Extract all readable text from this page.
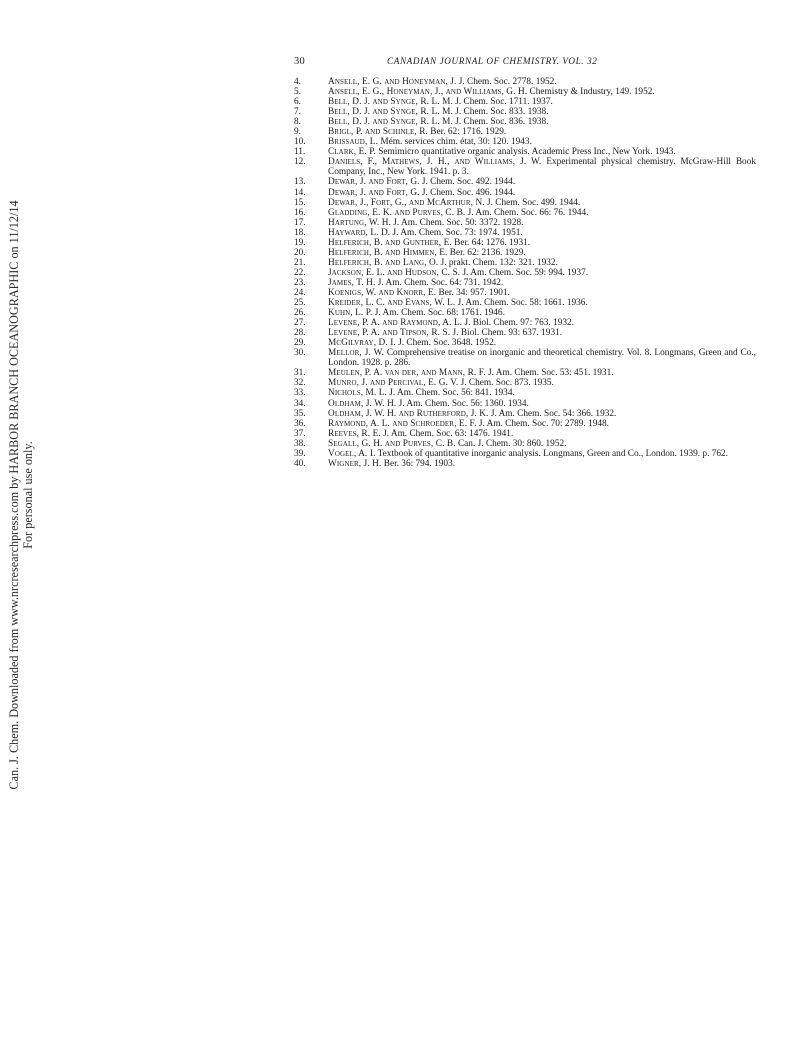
30	CANADIAN JOURNAL OF CHEMISTRY. VOL. 32
Can. J. Chem. Downloaded from www.nrcresearchpress.com by HARBOR BRANCH OCEANOGRAPHIC on 11/12/14 For personal use only.
4.	Ansell, E. G. and Honeyman, J. J. Chem. Soc. 2778. 1952.
5.	Ansell, E. G., Honeyman, J., and Williams, G. H. Chemistry & Industry, 149. 1952.
6.	Bell, D. J. and Synge, R. L. M. J. Chem. Soc. 1711. 1937.
7.	Bell, D. J. and Synge, R. L. M. J. Chem. Soc. 833. 1938.
8.	Bell, D. J. and Synge, R. L. M. J. Chem. Soc. 836. 1938.
9.	Brigl, P. and Schinle, R. Ber. 62: 1716. 1929.
10.	Brissaud, L. Mém. services chim. état, 30: 120. 1943.
11.	Clark, E. P. Semimicro quantitative organic analysis. Academic Press Inc., New York. 1943.
12.	Daniels, F., Mathews, J. H., and Williams, J. W. Experimental physical chemistry. McGraw-Hill Book Company, Inc., New York. 1941. p. 3.
13.	Dewar, J. and Fort, G. J. Chem. Soc. 492. 1944.
14.	Dewar, J. and Fort, G. J. Chem. Soc. 496. 1944.
15.	Dewar, J., Fort, G., and McArthur, N. J. Chem. Soc. 499. 1944.
16.	Gladding, E. K. and Purves, C. B. J. Am. Chem. Soc. 66: 76. 1944.
17.	Hartung, W. H. J. Am. Chem. Soc. 50: 3372. 1928.
18.	Hayward, L. D. J. Am. Chem. Soc. 73: 1974. 1951.
19.	Helferich, B. and Gunther, E. Ber. 64: 1276. 1931.
20.	Helferich, B. and Himmen, E. Ber. 62: 2136. 1929.
21.	Helferich, B. and Lang, O. J. prakt. Chem. 132: 321. 1932.
22.	Jackson, E. L. and Hudson, C. S. J. Am. Chem. Soc. 59: 994. 1937.
23.	James, T. H. J. Am. Chem. Soc. 64: 731. 1942.
24.	Koenigs, W. and Knorr, E. Ber. 34: 957. 1901.
25.	Kreider, L. C. and Evans, W. L. J. Am. Chem. Soc. 58: 1661. 1936.
26.	Kuhn, L. P. J. Am. Chem. Soc. 68: 1761. 1946.
27.	Levene, P. A. and Raymond, A. L. J. Biol. Chem. 97: 763. 1932.
28.	Levene, P. A. and Tipson, R. S. J. Biol. Chem. 93: 637. 1931.
29.	McGilvray, D. I. J. Chem. Soc. 3648. 1952.
30.	Mellor, J. W. Comprehensive treatise on inorganic and theoretical chemistry. Vol. 8. Longmans, Green and Co., London. 1928. p. 286.
31.	Meulen, P. A. van der, and Mann, R. F. J. Am. Chem. Soc. 53: 451. 1931.
32.	Munro, J. and Percival, E. G. V. J. Chem. Soc. 873. 1935.
33.	Nichols, M. L. J. Am. Chem. Soc. 56: 841. 1934.
34.	Oldham, J. W. H. J. Am. Chem. Soc. 56: 1360. 1934.
35.	Oldham, J. W. H. and Rutherford, J. K. J. Am. Chem. Soc. 54: 366. 1932.
36.	Raymond, A. L. and Schroeder, E. F. J. Am. Chem. Soc. 70: 2789. 1948.
37.	Reeves, R. E. J. Am. Chem. Soc. 63: 1476. 1941.
38.	Segall, G. H. and Purves, C. B. Can. J. Chem. 30: 860. 1952.
39.	Vogel, A. I. Textbook of quantitative inorganic analysis. Longmans, Green and Co., London. 1939. p. 762.
40.	Wigner, J. H. Ber. 36: 794. 1903.
